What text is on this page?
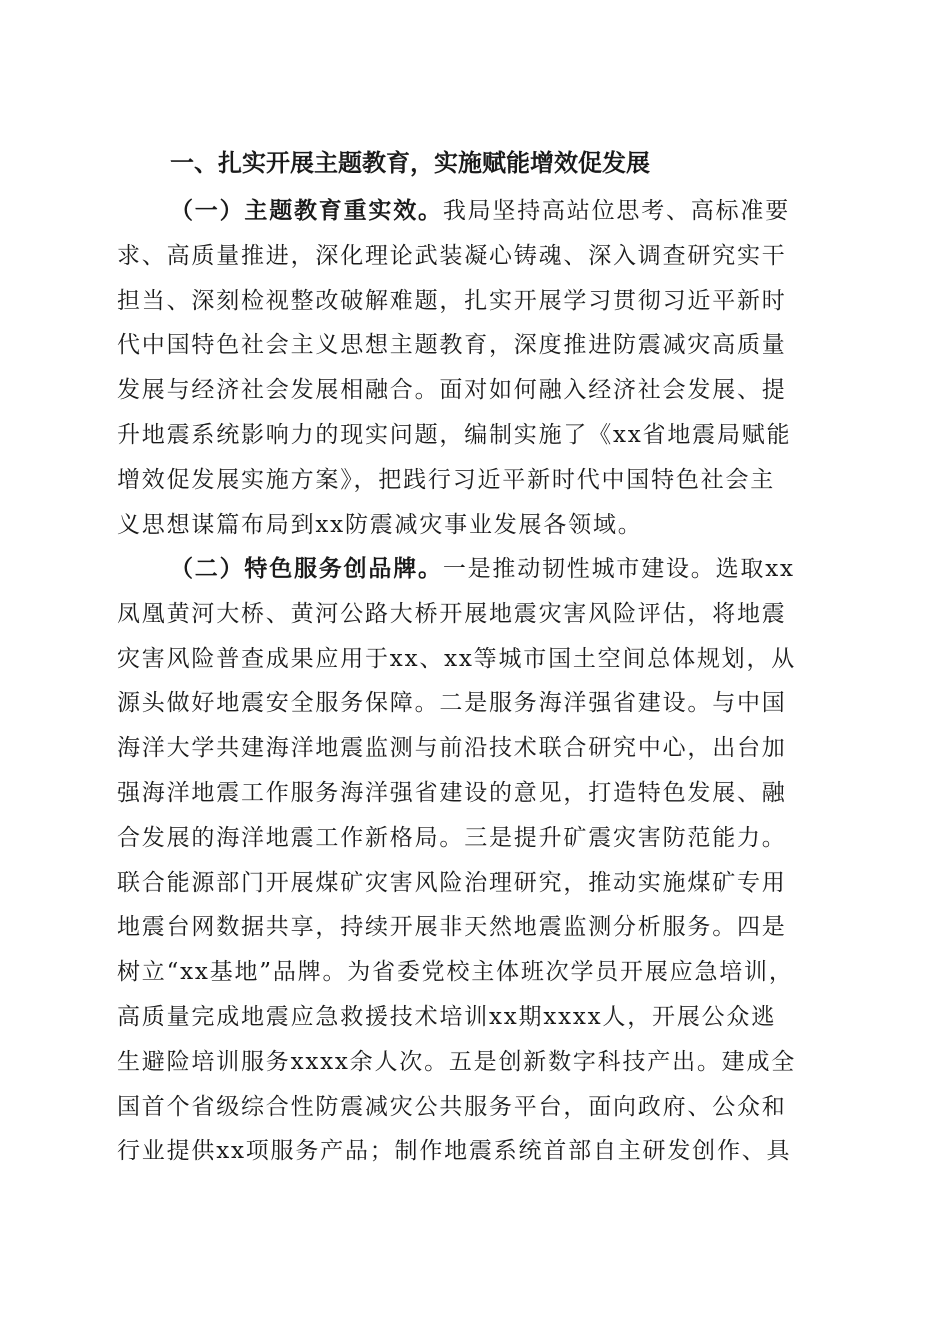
一、扎实开展主题教育，实施赋能增效促发展
（一）主题教育重实效。我局坚持高站位思考、高标准要
求、高质量推进，深化理论武装凝心铸魂、深入调查研究实干
担当、深刻检视整改破解难题，扎实开展学习贯彻习近平新时
代中国特色社会主义思想主题教育，深度推进防震减灾高质量
发展与经济社会发展相融合。面对如何融入经济社会发展、提
升地震系统影响力的现实问题，编制实施了《xx省地震局赋能
增效促发展实施方案》，把践行习近平新时代中国特色社会主
义思想谋篇布局到xx防震减灾事业发展各领域。
（二）特色服务创品牌。一是推动韧性城市建设。选取xx
凤凰黄河大桥、黄河公路大桥开展地震灾害风险评估，将地震
灾害风险普查成果应用于xx、xx等城市国土空间总体规划，从
源头做好地震安全服务保障。二是服务海洋强省建设。与中国
海洋大学共建海洋地震监测与前沿技术联合研究中心，出台加
强海洋地震工作服务海洋强省建设的意见，打造特色发展、融
合发展的海洋地震工作新格局。三是提升矿震灾害防范能力。
联合能源部门开展煤矿灾害风险治理研究，推动实施煤矿专用
地震台网数据共享，持续开展非天然地震监测分析服务。四是
树立“xx基地”品牌。为省委党校主体班次学员开展应急培训，
高质量完成地震应急救援技术培训xx期xxxx人，开展公众逃
生避险培训服务xxxx余人次。五是创新数字科技产出。建成全
国首个省级综合性防震减灾公共服务平台，面向政府、公众和
行业提供xx项服务产品；制作地震系统首部自主研发创作、具
